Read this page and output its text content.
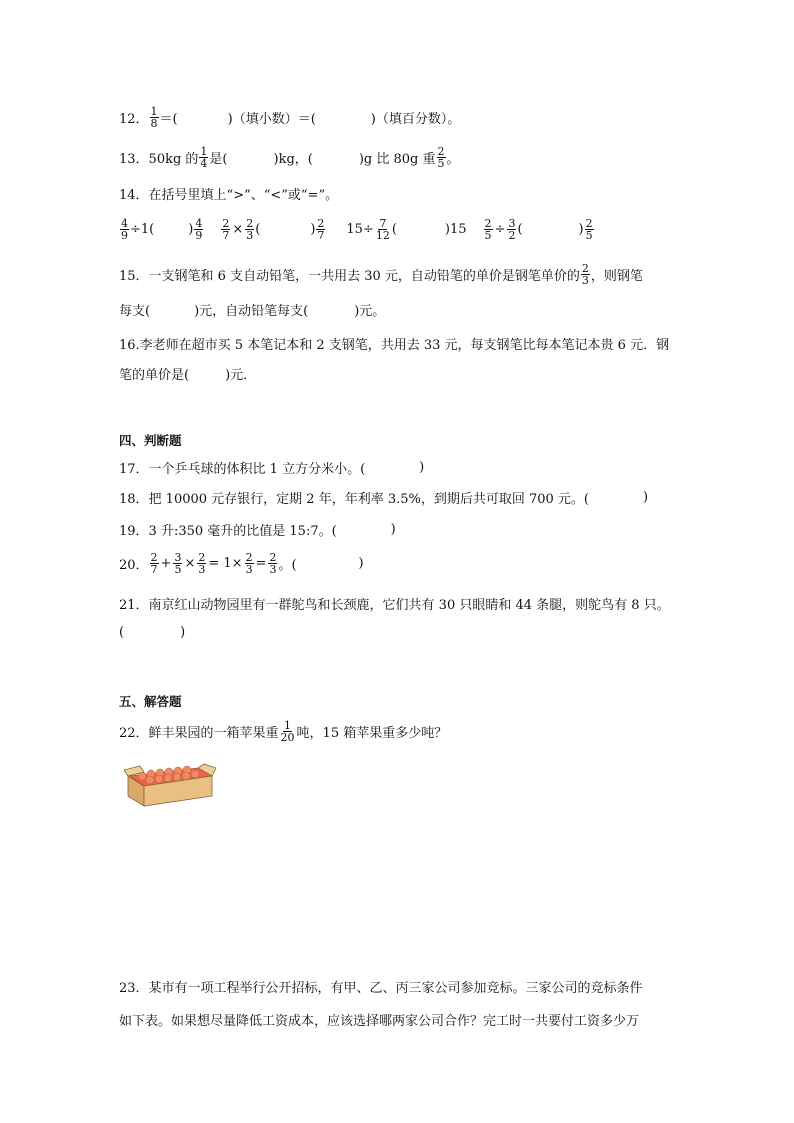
12． $\frac{1}{8}$ ＝(	)（填小数）＝(	)（填百分数）。
13． 50kg 的 $\frac{1}{4}$ 是(	)kg，(	)g 比 80g 重 $\frac{2}{5}$ 。
14．在括号里填上“>”、“<”或“=”。
$\frac{4}{9} \div 1$(	) $\frac{4}{9} \frac{2}{7} \times \frac{2}{3}$ (	) $\frac{2}{7} 15\div \frac{7}{12}$ (	)$15 \frac{2}{5} \div \frac{3}{2}$ (	) $\frac{2}{5}$
15．一支钢笔和 6 支自动铅笔，一共用去 30 元，自动铅笔的单价是钢笔单价的 $\frac{2}{3}$ ，则钢笔
每支(	)元，自动铅笔每支(	)元。
16.李老师在超市买 5 本笔记本和 2 支钢笔，共用去 33 元，每支钢笔比每本笔记本贵 6 元．钢
笔的单价是(	)元．
四、判断题
17．一个乒乓球的体积比 1 立方分米小。(	)
18．把 10000 元存银行，定期 2 年，年利率 3.5%，到期后共可取回 700 元。(	)
19．3 升:350 毫升的比值是 15:7。(	)
20． $\frac{2}{7} + \frac{3}{5} \times \frac{2}{3} = 1\times \frac{2}{3} = \frac{2}{3}$ 。(	)
21．南京红山动物园里有一群鸵鸟和长颈鹿，它们共有 30 只眼睛和 44 条腿，则鸵鸟有 8 只。
(	)
五、解答题
22．鲜丰果园的一箱苹果重 $\frac{1}{20}$ 吨，15 箱苹果重多少吨？
23．某市有一项工程举行公开招标，有甲、乙、丙三家公司参加竞标。三家公司的竞标条件
如下表。如果想尽量降低工资成本，应该选择哪两家公司合作？完工时一共要付工资多少万
